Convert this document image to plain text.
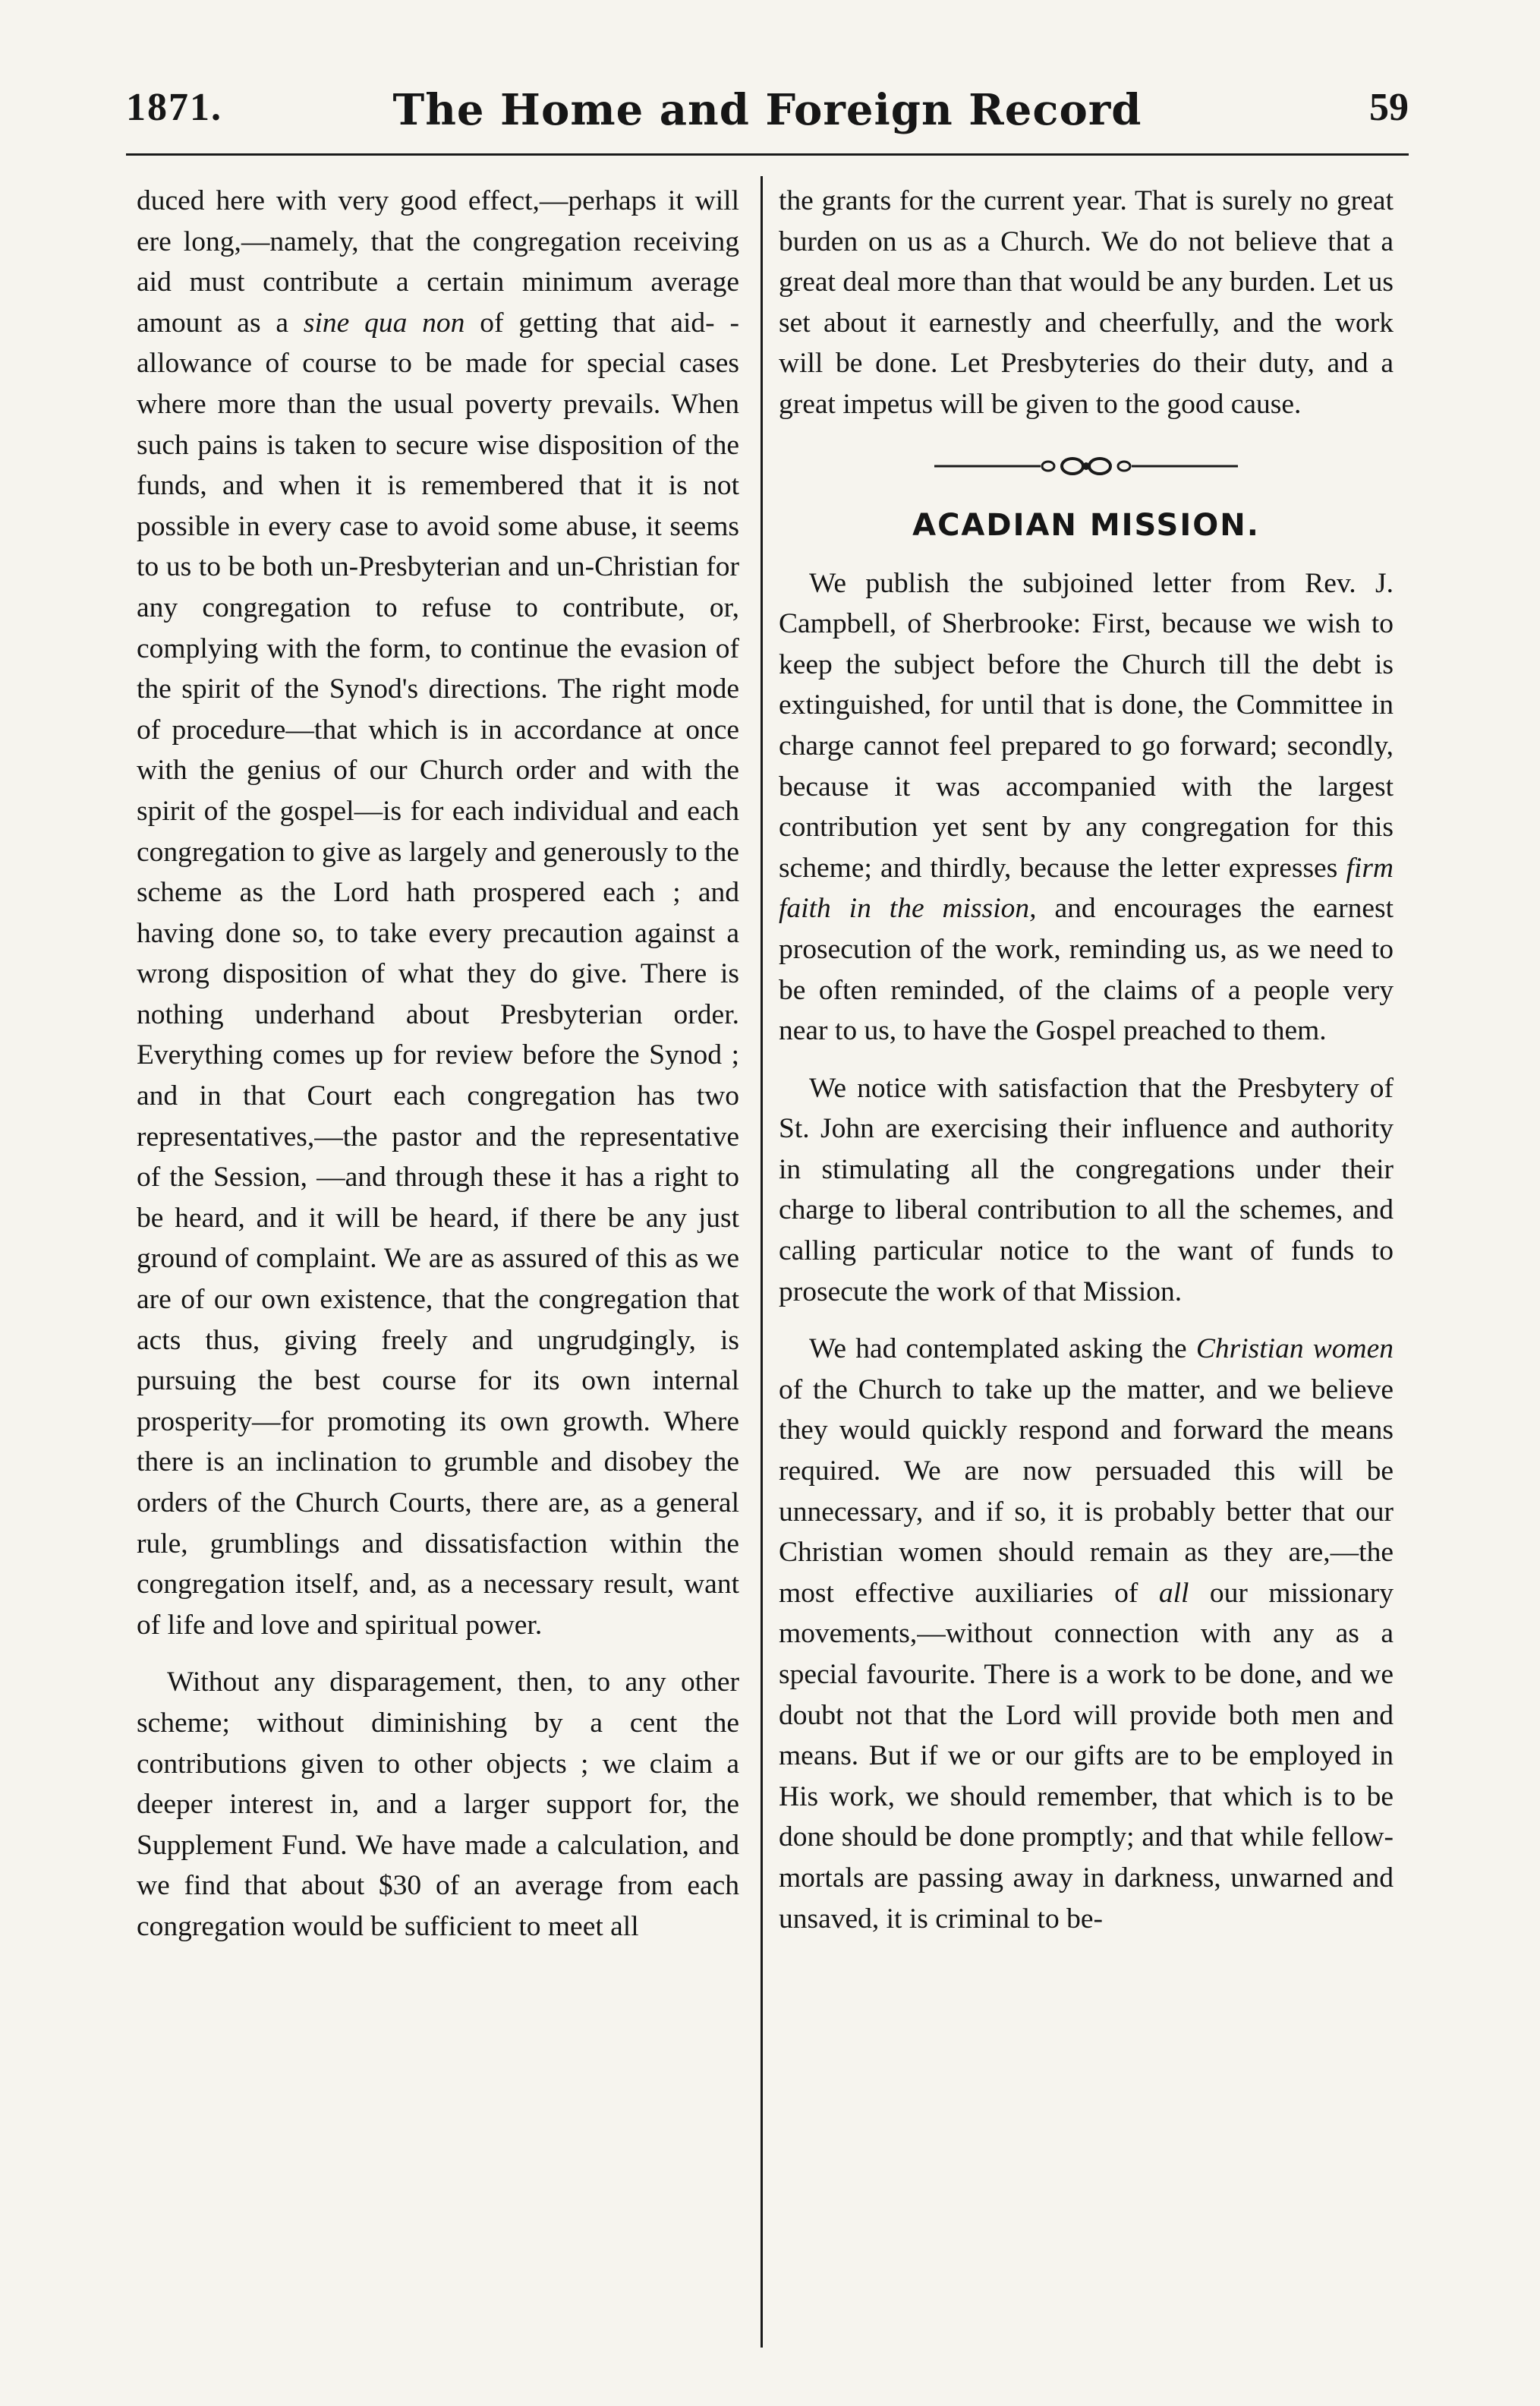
1871.	The Home and Foreign Record	59

duced here with very good effect,—perhaps it will ere long,—namely, that the congregation receiving aid must contribute a certain minimum average amount as a sine qua non of getting that aid- -allowance of course to be made for special cases where more than the usual poverty prevails. When such pains is taken to secure wise disposition of the funds, and when it is remembered that it is not possible in every case to avoid some abuse, it seems to us to be both un-Presbyterian and un-Christian for any congregation to refuse to contribute, or, complying with the form, to continue the evasion of the spirit of the Synod's directions. The right mode of procedure—that which is in accordance at once with the genius of our Church order and with the spirit of the gospel—is for each individual and each congregation to give as largely and generously to the scheme as the Lord hath prospered each ; and having done so, to take every precaution against a wrong disposition of what they do give. There is nothing underhand about Presbyterian order. Everything comes up for review before the Synod ; and in that Court each congregation has two representatives,—the pastor and the representative of the Session, —and through these it has a right to be heard, and it will be heard, if there be any just ground of complaint. We are as assured of this as we are of our own existence, that the congregation that acts thus, giving freely and ungrudgingly, is pursuing the best course for its own internal prosperity—for promoting its own growth. Where there is an inclination to grumble and disobey the orders of the Church Courts, there are, as a general rule, grumblings and dissatisfaction within the congregation itself, and, as a necessary result, want of life and love and spiritual power.

Without any disparagement, then, to any other scheme; without diminishing by a cent the contributions given to other objects ; we claim a deeper interest in, and a larger support for, the Supplement Fund. We have made a calculation, and we find that about $30 of an average from each congregation would be sufficient to meet all

the grants for the current year. That is surely no great burden on us as a Church. We do not believe that a great deal more than that would be any burden. Let us set about it earnestly and cheerfully, and the work will be done. Let Presbyteries do their duty, and a great impetus will be given to the good cause.

ACADIAN MISSION.

We publish the subjoined letter from Rev. J. Campbell, of Sherbrooke: First, because we wish to keep the subject before the Church till the debt is extinguished, for until that is done, the Committee in charge cannot feel prepared to go forward; secondly, because it was accompanied with the largest contribution yet sent by any congregation for this scheme; and thirdly, because the letter expresses firm faith in the mission, and encourages the earnest prosecution of the work, reminding us, as we need to be often reminded, of the claims of a people very near to us, to have the Gospel preached to them.

We notice with satisfaction that the Presbytery of St. John are exercising their influence and authority in stimulating all the congregations under their charge to liberal contribution to all the schemes, and calling particular notice to the want of funds to prosecute the work of that Mission.

We had contemplated asking the Christian women of the Church to take up the matter, and we believe they would quickly respond and forward the means required. We are now persuaded this will be unnecessary, and if so, it is probably better that our Christian women should remain as they are,—the most effective auxiliaries of all our missionary movements,—without connection with any as a special favourite. There is a work to be done, and we doubt not that the Lord will provide both men and means. But if we or our gifts are to be employed in His work, we should remember, that which is to be done should be done promptly; and that while fellow-mortals are passing away in darkness, unwarned and unsaved, it is criminal to be-
